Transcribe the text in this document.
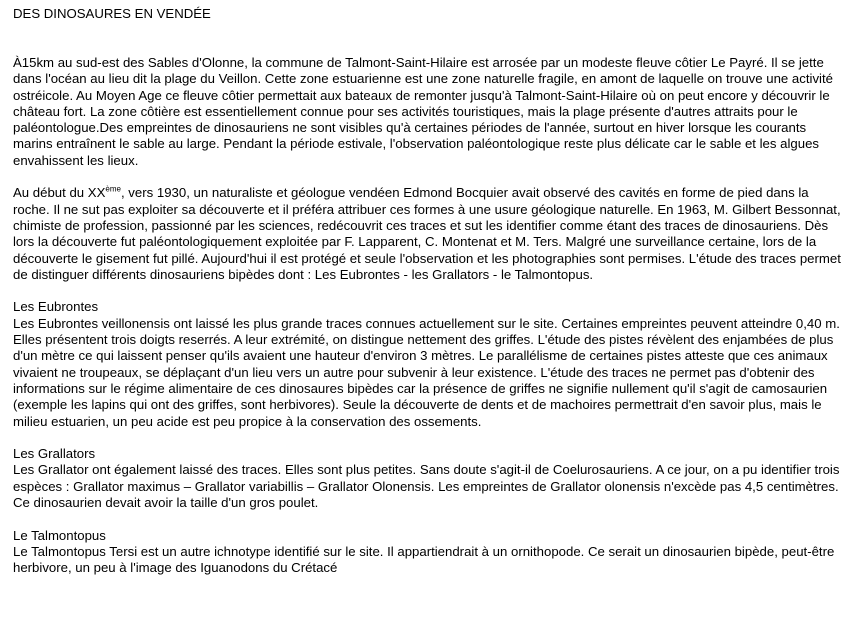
DES DINOSAURES EN VENDÉE

À15km au sud-est des Sables d'Olonne, la commune de Talmont-Saint-Hilaire est arrosée par un modeste fleuve côtier Le Payré. Il se jette dans l'océan au lieu dit la plage du Veillon. Cette zone estuarienne est une zone naturelle fragile, en amont de laquelle on trouve une activité ostréicole. Au Moyen Age ce fleuve côtier permettait aux bateaux de remonter jusqu'à Talmont-Saint-Hilaire où on peut encore y découvrir le château fort. La zone côtière est essentiellement connue pour ses activités touristiques, mais la plage présente d'autres attraits pour le paléontologue.Des empreintes de dinosauriens ne sont visibles qu'à certaines périodes de l'année, surtout en hiver lorsque les courants marins entraînent le sable au large. Pendant la période estivale, l'observation paléontologique reste plus délicate car le sable et les algues envahissent les lieux.

Au début du XXème, vers 1930, un naturaliste et géologue vendéen Edmond Bocquier avait observé des cavités en forme de pied dans la roche. Il ne sut pas exploiter sa découverte et il préféra attribuer ces formes à une usure géologique naturelle. En 1963, M. Gilbert Bessonnat, chimiste de profession, passionné par les sciences, redécouvrit ces traces et sut les identifier comme étant des traces de dinosauriens. Dès lors la découverte fut paléontologiquement exploitée par F. Lapparent, C. Montenat et M. Ters. Malgré une surveillance certaine, lors de la découverte le gisement fut pillé. Aujourd'hui il est protégé et seule l'observation et les photographies sont permises. L'étude des traces permet de distinguer différents dinosauriens bipèdes dont : Les Eubrontes - les Grallators - le Talmontopus.

Les Eubrontes

Les Eubrontes veillonensis ont laissé les plus grande traces connues actuellement sur le site. Certaines empreintes peuvent atteindre 0,40 m. Elles présentent trois doigts reserrés. A leur extrémité, on distingue nettement des griffes. L'étude des pistes révèlent des enjambées de plus d'un mètre ce qui laissent penser qu'ils avaient une hauteur d'environ 3 mètres. Le parallélisme de certaines pistes atteste que ces animaux vivaient ne troupeaux, se déplaçant d'un lieu vers un autre pour subvenir à leur existence. L'étude des traces ne permet pas d'obtenir des informations sur le régime alimentaire de ces dinosaures bipèdes car la présence de griffes ne signifie nullement qu'il s'agit de camosaurien (exemple les lapins qui ont des griffes, sont herbivores). Seule la découverte de dents et de machoires permettrait d'en savoir plus, mais le milieu estuarien, un peu acide est peu propice à la conservation des ossements.

Les Grallators

Les Grallator ont également laissé des traces. Elles sont plus petites. Sans doute s'agit-il de Coelurosauriens. A ce jour, on a pu identifier trois espèces : Grallator maximus – Grallator variabillis – Grallator Olonensis. Les empreintes de Grallator olonensis n'excède pas 4,5 centimètres. Ce dinosaurien devait avoir la taille d'un gros poulet.

Le Talmontopus

Le Talmontopus Tersi est un autre ichnotype identifié sur le site. Il appartiendrait à un ornithopode. Ce serait un dinosaurien bipède, peut-être herbivore, un peu à l'image des Iguanodons du Crétacé
